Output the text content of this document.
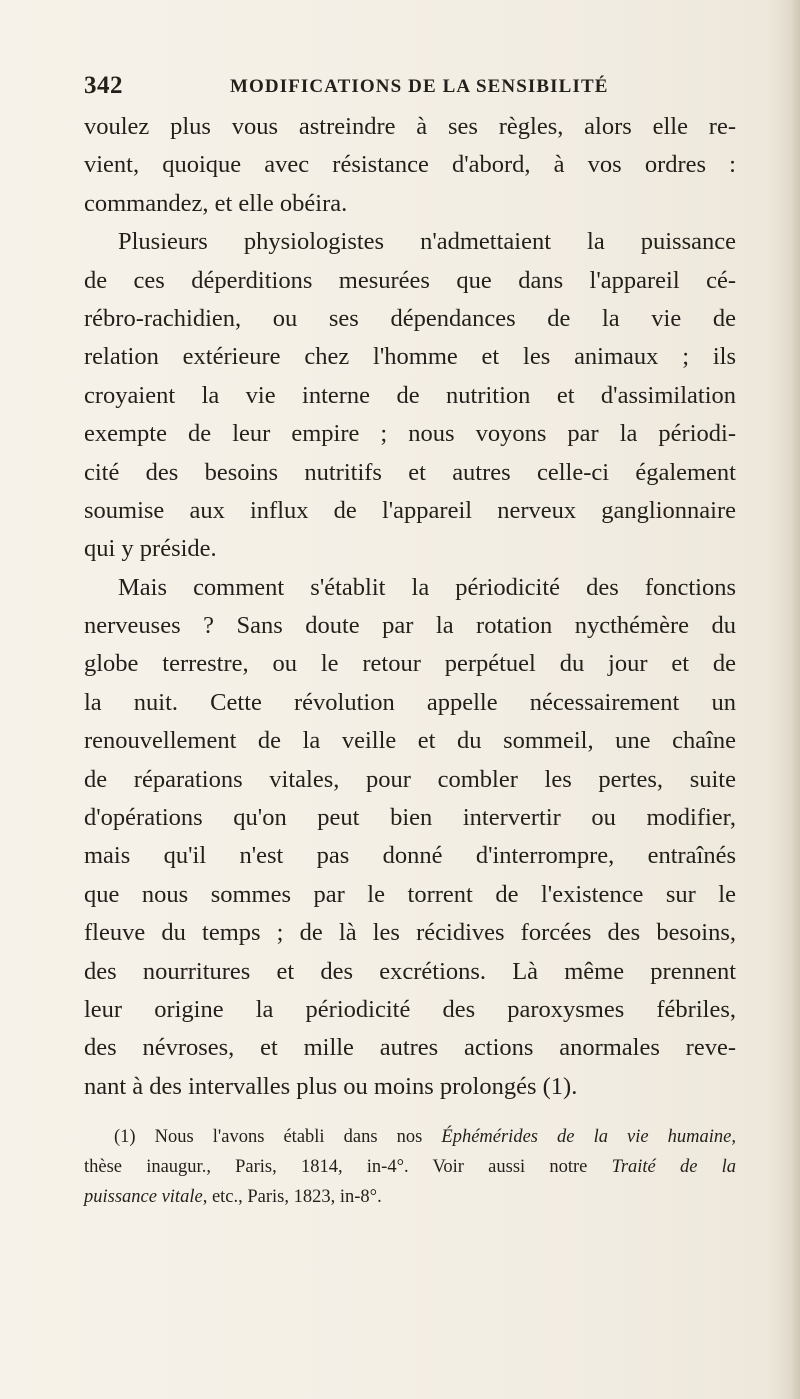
342	MODIFICATIONS DE LA SENSIBILITÉ
voulez plus vous astreindre à ses règles, alors elle re-
vient, quoique avec résistance d'abord, à vos ordres :
commandez, et elle obéira.
Plusieurs physiologistes n'admettaient la puissance
de ces déperditions mesurées que dans l'appareil cé-
rébro-rachidien, ou ses dépendances de la vie de
relation extérieure chez l'homme et les animaux ; ils
croyaient la vie interne de nutrition et d'assimilation
exempte de leur empire ; nous voyons par la périodi-
cité des besoins nutritifs et autres celle-ci également
soumise aux influx de l'appareil nerveux ganglionnaire
qui y préside.
Mais comment s'établit la périodicité des fonctions
nerveuses ? Sans doute par la rotation nycthémère du
globe terrestre, ou le retour perpétuel du jour et de
la nuit. Cette révolution appelle nécessairement un
renouvellement de la veille et du sommeil, une chaîne
de réparations vitales, pour combler les pertes, suite
d'opérations qu'on peut bien intervertir ou modifier,
mais qu'il n'est pas donné d'interrompre, entraînés
que nous sommes par le torrent de l'existence sur le
fleuve du temps ; de là les récidives forcées des besoins,
des nourritures et des excrétions. Là même prennent
leur origine la périodicité des paroxysmes fébriles,
des névroses, et mille autres actions anormales reve-
nant à des intervalles plus ou moins prolongés (1).
(1) Nous l'avons établi dans nos Éphémérides de la vie humaine,
thèse inaugur., Paris, 1814, in-4°. Voir aussi notre Traité de la
puissance vitale, etc., Paris, 1823, in-8°.
